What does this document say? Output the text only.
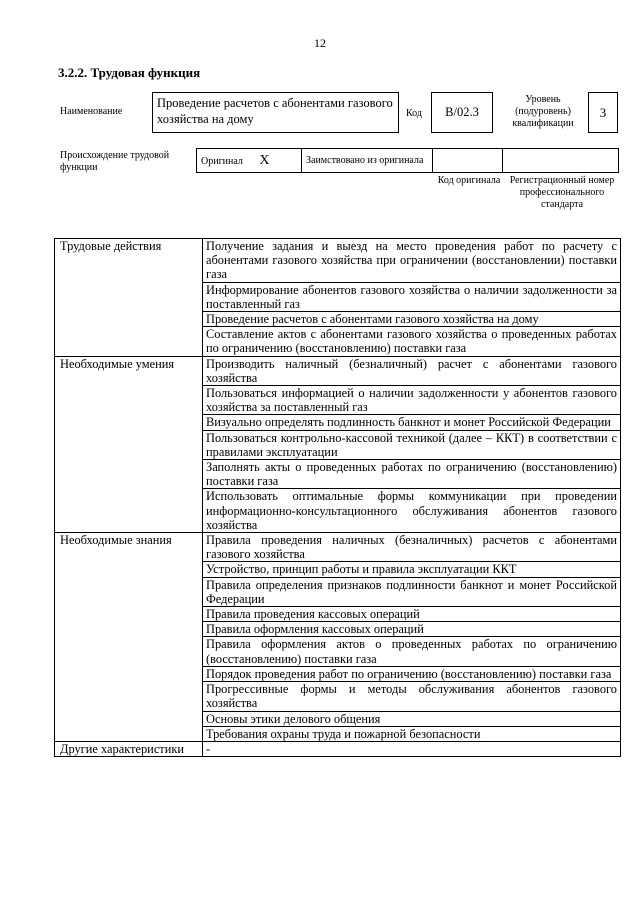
12
3.2.2. Трудовая функция
Наименование
Проведение расчетов с абонентами газового хозяйства на дому	Код	В/02.3
Уровень (подуровень) квалификации
3
Происхождение трудовой функции
Оригинал X	Заимствовано из оригинала		
Код оригинала Регистрационный номер профессионального стандарта
Трудовые действия	Получение задания и выезд на место проведения работ по расчету с абонентами газового хозяйства при ограничении (восстановлении) поставки газа
	Информирование абонентов газового хозяйства о наличии задолженности за поставленный газ
	Проведение расчетов с абонентами газового хозяйства на дому
	Составление актов с абонентами газового хозяйства о проведенных работах по ограничению (восстановлению) поставки газа
Необходимые умения	Производить наличный (безналичный) расчет с абонентами газового хозяйства
	Пользоваться информацией о наличии задолженности у абонентов газового хозяйства за поставленный газ
	Визуально определять подлинность банкнот и монет Российской Федерации
	Пользоваться контрольно-кассовой техникой (далее – ККТ) в соответствии с правилами эксплуатации
	Заполнять акты о проведенных работах по ограничению (восстановлению) поставки газа
	Использовать оптимальные формы коммуникации при проведении информационно-консультационного обслуживания абонентов газового хозяйства
Необходимые знания	Правила проведения наличных (безналичных) расчетов с абонентами газового хозяйства
	Устройство, принцип работы и правила эксплуатации ККТ
	Правила определения признаков подлинности банкнот и монет Российской Федерации
	Правила проведения кассовых операций
	Правила оформления кассовых операций
	Правила оформления актов о проведенных работах по ограничению (восстановлению) поставки газа
	Порядок проведения работ по ограничению (восстановлению) поставки газа
	Прогрессивные формы и методы обслуживания абонентов газового хозяйства
	Основы этики делового общения
	Требования охраны труда и пожарной безопасности
Другие характеристики	-
